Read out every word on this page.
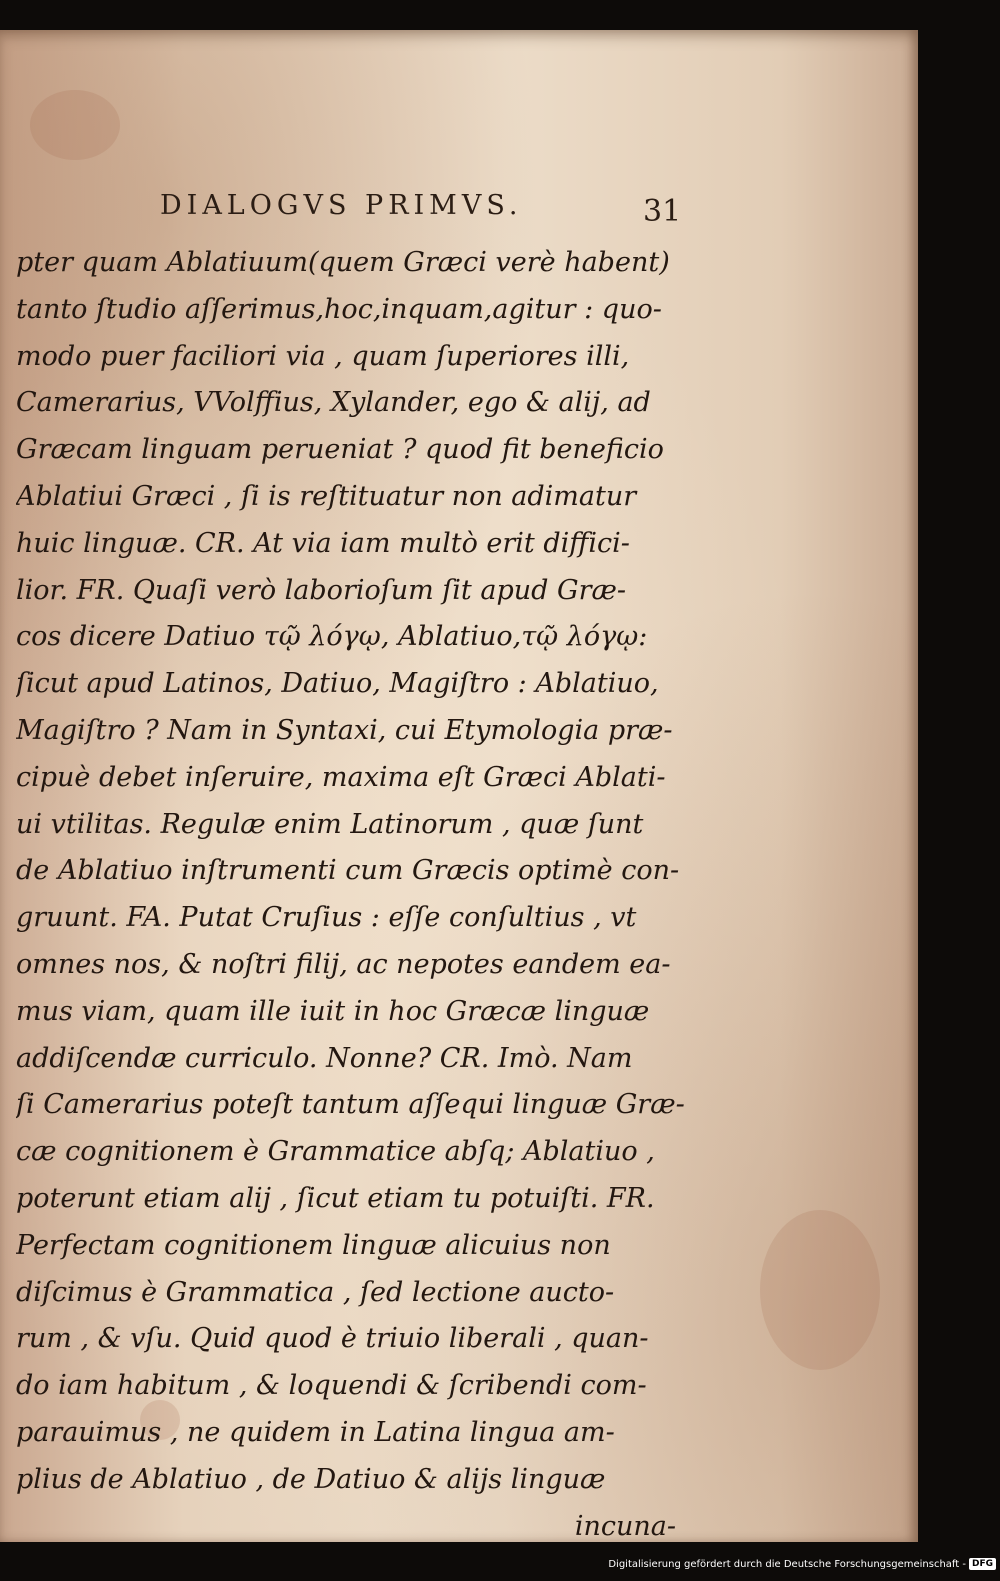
DIALOGVS PRIMVS.	31
pter quam Ablatiuum(quem Græci verè habent)
tanto ſtudio aſſerimus,hoc,inquam,agitur : quo-
modo puer faciliori via , quam ſuperiores illi,
Camerarius, VVolffius, Xylander, ego & alij, ad
Græcam linguam perueniat ? quod fit beneficio
Ablatiui Græci , ſi is reſtituatur non adimatur
huic linguæ. CR. At via iam multò erit diffici-
lior. FR. Quaſi verò laborioſum ſit apud Græ-
cos dicere Datiuo τῷ λόγῳ, Ablatiuo,τῷ λόγῳ:
ſicut apud Latinos, Datiuo, Magiſtro : Ablatiuo,
Magiſtro ? Nam in Syntaxi, cui Etymologia præ-
cipuè debet inſeruire, maxima eſt Græci Ablati-
ui vtilitas. Regulæ enim Latinorum , quæ ſunt
de Ablatiuo inſtrumenti cum Græcis optimè con-
gruunt. FA. Putat Cruſius : eſſe conſultius , vt
omnes nos, & noſtri filij, ac nepotes eandem ea-
mus viam, quam ille iuit in hoc Græcæ linguæ
addiſcendæ curriculo. Nonne? CR. Imò. Nam
ſi Camerarius poteſt tantum aſſequi linguæ Græ-
cæ cognitionem è Grammatice abſq; Ablatiuo ,
poterunt etiam alij , ſicut etiam tu potuiſti. FR.
Perfectam cognitionem linguæ alicuius non
diſcimus è Grammatica , ſed lectione aucto-
rum , & vſu. Quid quod è triuio liberali , quan-
do iam habitum , & loquendi & ſcribendi com-
parauimus , ne quidem in Latina lingua am-
plius de Ablatiuo , de Datiuo & alijs linguæ
incuna-
Digitalisierung gefördert durch die Deutsche Forschungsgemeinschaft - DFG
